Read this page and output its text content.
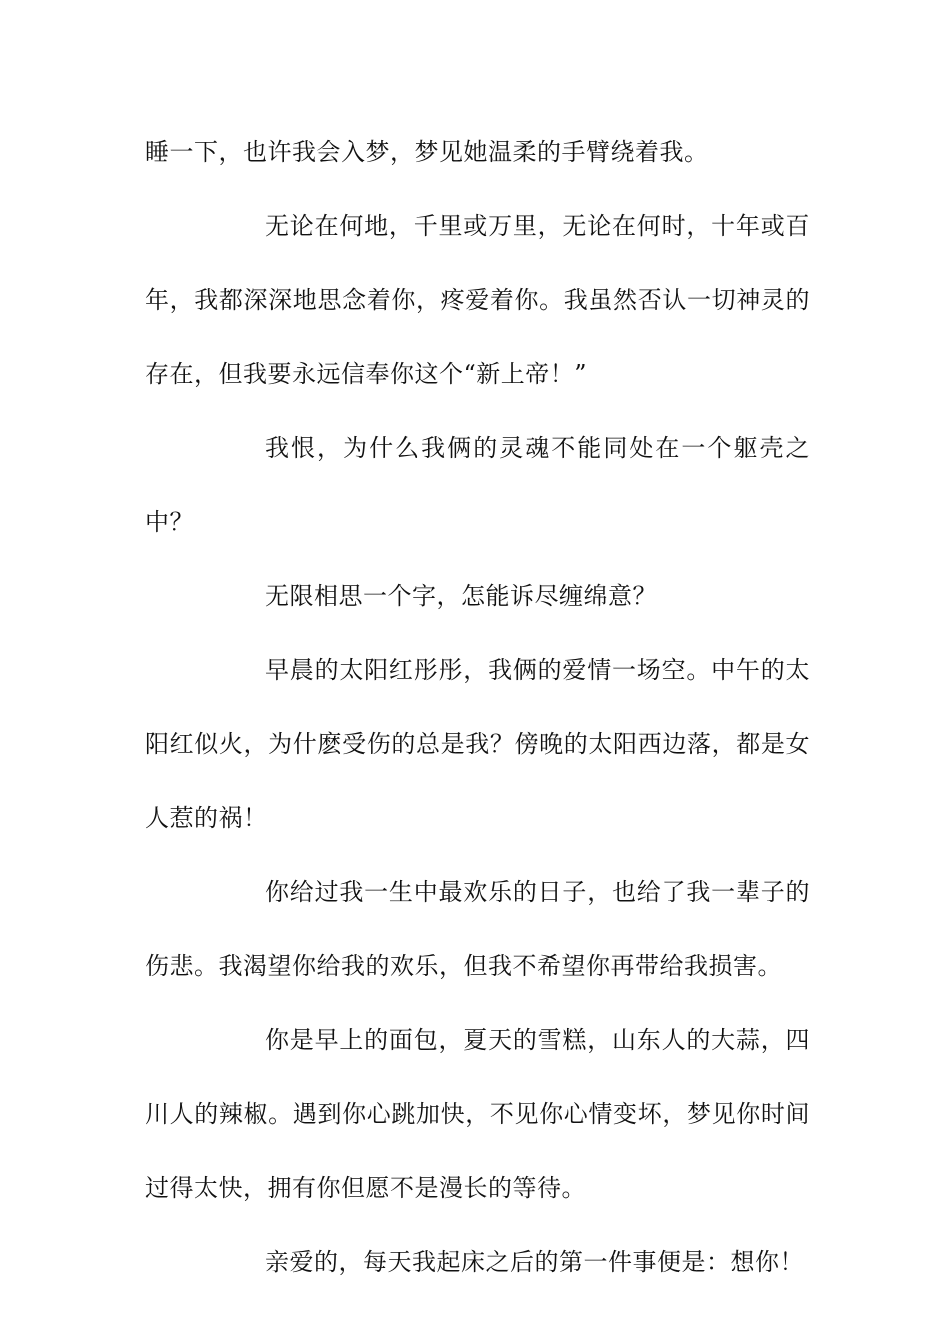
睡一下，也许我会入梦，梦见她温柔的手臂绕着我。

无论在何地，千里或万里，无论在何时，十年或百年，我都深深地思念着你，疼爱着你。我虽然否认一切神灵的存在，但我要永远信奉你这个“新上帝！”

我恨，为什么我俩的灵魂不能同处在一个躯壳之中？

无限相思一个字，怎能诉尽缠绵意？

早晨的太阳红彤彤，我俩的爱情一场空。中午的太阳红似火，为什麽受伤的总是我？傍晚的太阳西边落，都是女人惹的祸！

你给过我一生中最欢乐的日子，也给了我一辈子的伤悲。我渴望你给我的欢乐，但我不希望你再带给我损害。

你是早上的面包，夏天的雪糕，山东人的大蒜，四川人的辣椒。遇到你心跳加快，不见你心情变坏，梦见你时间过得太快，拥有你但愿不是漫长的等待。

亲爱的，每天我起床之后的第一件事便是：想你！
